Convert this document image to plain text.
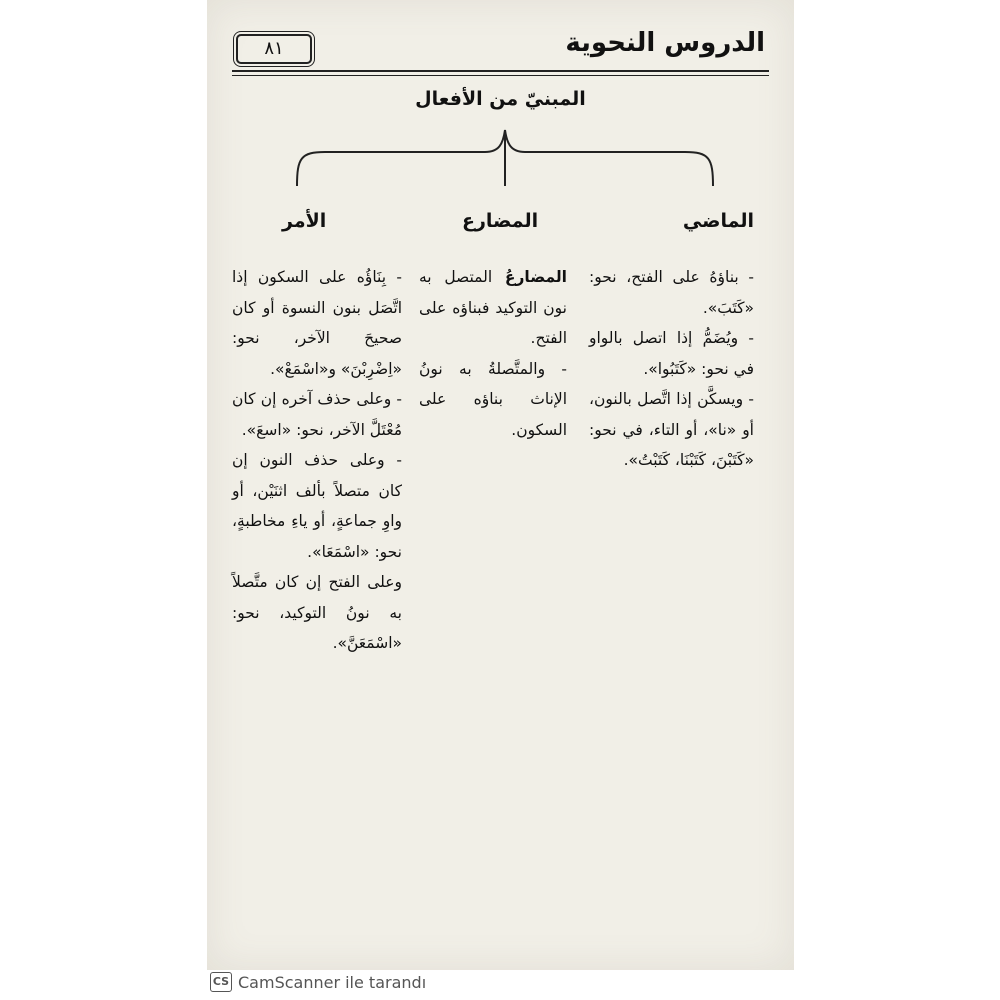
٨١	الدروس النحوية
المبنيّ من الأفعال
الماضي
المضارع
الأمر

- بناؤهُ على الفتح، نحو: «كَتَبَ».

- ويُضَمُّ إذا اتصل بالواو في نحو: «كَتَبُوا».

- ويسكَّن إذا اتَّصل بالنون، أو «نا»، أو التاء، في نحو: «كَتَبْنَ، كَتَبْنَا، كَتَبْتُ».

المضارعُ المتصل به نون التوكيد فبناؤه على الفتح.

- والمتَّصلةُ به نونُ الإناث بناؤه على السكون.

- بِنَاؤُه على السكون إذا اتَّصَل بنون النسوة أو كان صحيحَ الآخر، نحو: «اِضْرِبْنَ» و«اسْمَعْ».

- وعلى حذف آخره إن كان مُعْتَلَّ الآخر، نحو: «اسعَ».

- وعلى حذف النون إن كان متصلاً بألف اثنَيْن، أو واوِ جماعةٍ، أو ياءِ مخاطبةٍ، نحو: «اسْمَعَا».

وعلى الفتح إن كان متَّصلاً به نونُ التوكيد، نحو: «اسْمَعَنَّ».

CS CamScanner ile tarandı
